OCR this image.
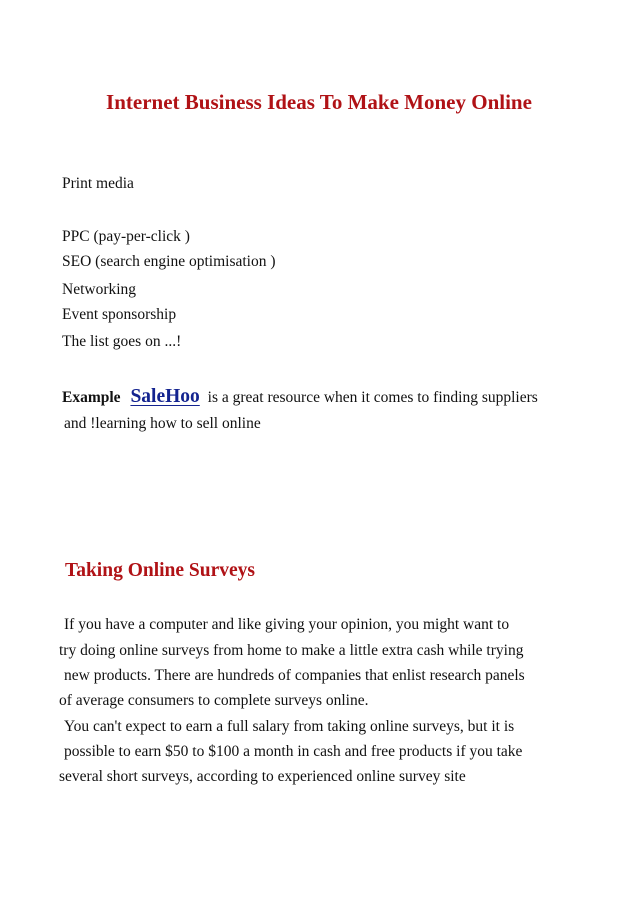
Internet Business Ideas To Make Money Online
Print media
PPC (pay-per-click )
SEO (search engine optimisation )
Networking
Event sponsorship
The list goes on ...!
Example SaleHoo is a great resource when it comes to finding suppliers
and !learning how to sell online
Taking Online Surveys
If you have a computer and like giving your opinion, you might want to
try doing online surveys from home to make a little extra cash while trying
new products. There are hundreds of companies that enlist research panels
of average consumers to complete surveys online.
You can't expect to earn a full salary from taking online surveys, but it is
possible to earn $50 to $100 a month in cash and free products if you take
several short surveys, according to experienced online survey site
